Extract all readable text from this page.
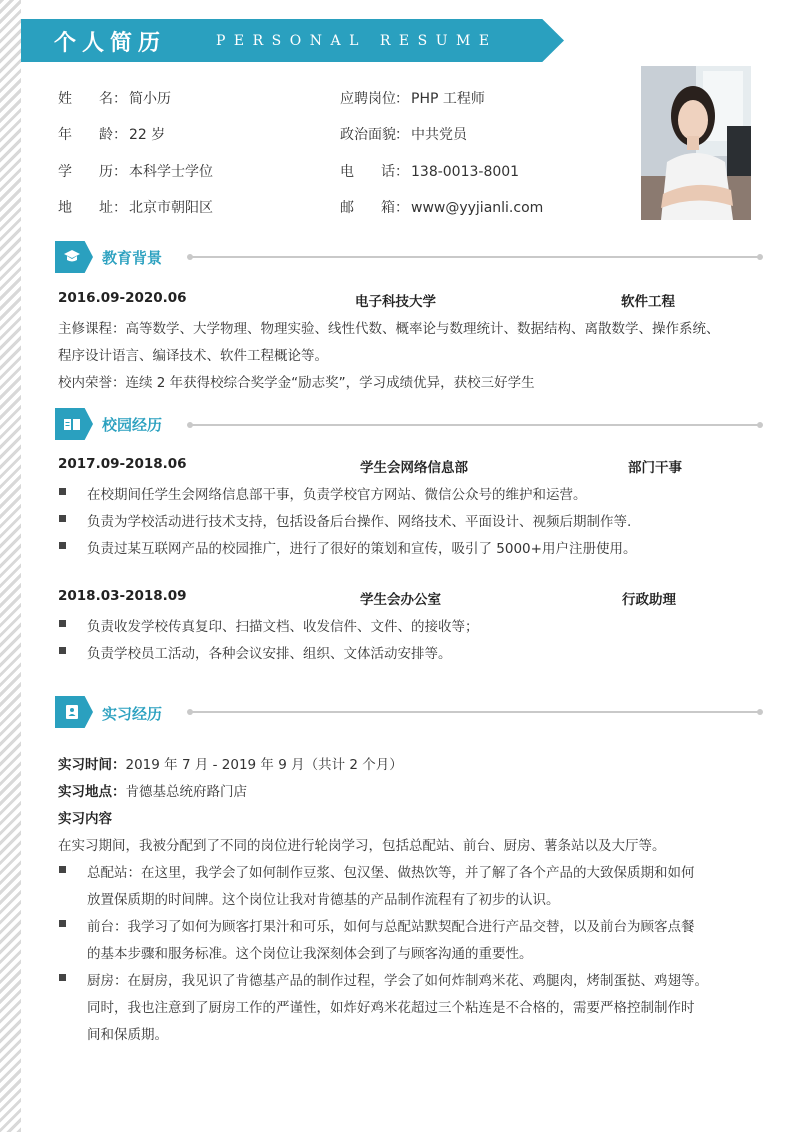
个人简历	PERSONAL RESUME
姓名： 简小历
年龄： 22 岁
学历： 本科学士学位
地址： 北京市朝阳区
应聘岗位： PHP 工程师
政治面貌： 中共党员
电话： 138-0013-8001
邮箱： www@yyjianli.com
教育背景
2016.09-2020.06	电子科技大学	软件工程
主修课程：高等数学、大学物理、物理实验、线性代数、概率论与数理统计、数据结构、离散数学、操作系统、
程序设计语言、编译技术、软件工程概论等。
校内荣誉：连续 2 年获得校综合奖学金“励志奖”，学习成绩优异，获校三好学生
校园经历
2017.09-2018.06	学生会网络信息部	部门干事
在校期间任学生会网络信息部干事，负责学校官方网站、微信公众号的维护和运营。
负责为学校活动进行技术支持，包括设备后台操作、网络技术、平面设计、视频后期制作等.
负责过某互联网产品的校园推广，进行了很好的策划和宣传，吸引了 5000+用户注册使用。
2018.03-2018.09	学生会办公室	行政助理
负责收发学校传真复印、扫描文档、收发信件、文件、的接收等；
负责学校员工活动，各种会议安排、组织、文体活动安排等。
实习经历
实习时间：2019 年 7 月 - 2019 年 9 月（共计 2 个月）
实习地点：肯德基总统府路门店
实习内容
在实习期间，我被分配到了不同的岗位进行轮岗学习，包括总配站、前台、厨房、薯条站以及大厅等。
总配站：在这里，我学会了如何制作豆浆、包汉堡、做热饮等，并了解了各个产品的大致保质期和如何
放置保质期的时间牌。这个岗位让我对肯德基的产品制作流程有了初步的认识。
前台：我学习了如何为顾客打果汁和可乐，如何与总配站默契配合进行产品交替，以及前台为顾客点餐
的基本步骤和服务标准。这个岗位让我深刻体会到了与顾客沟通的重要性。
厨房：在厨房，我见识了肯德基产品的制作过程，学会了如何炸制鸡米花、鸡腿肉，烤制蛋挞、鸡翅等。
同时，我也注意到了厨房工作的严谨性，如炸好鸡米花超过三个粘连是不合格的，需要严格控制制作时
间和保质期。
